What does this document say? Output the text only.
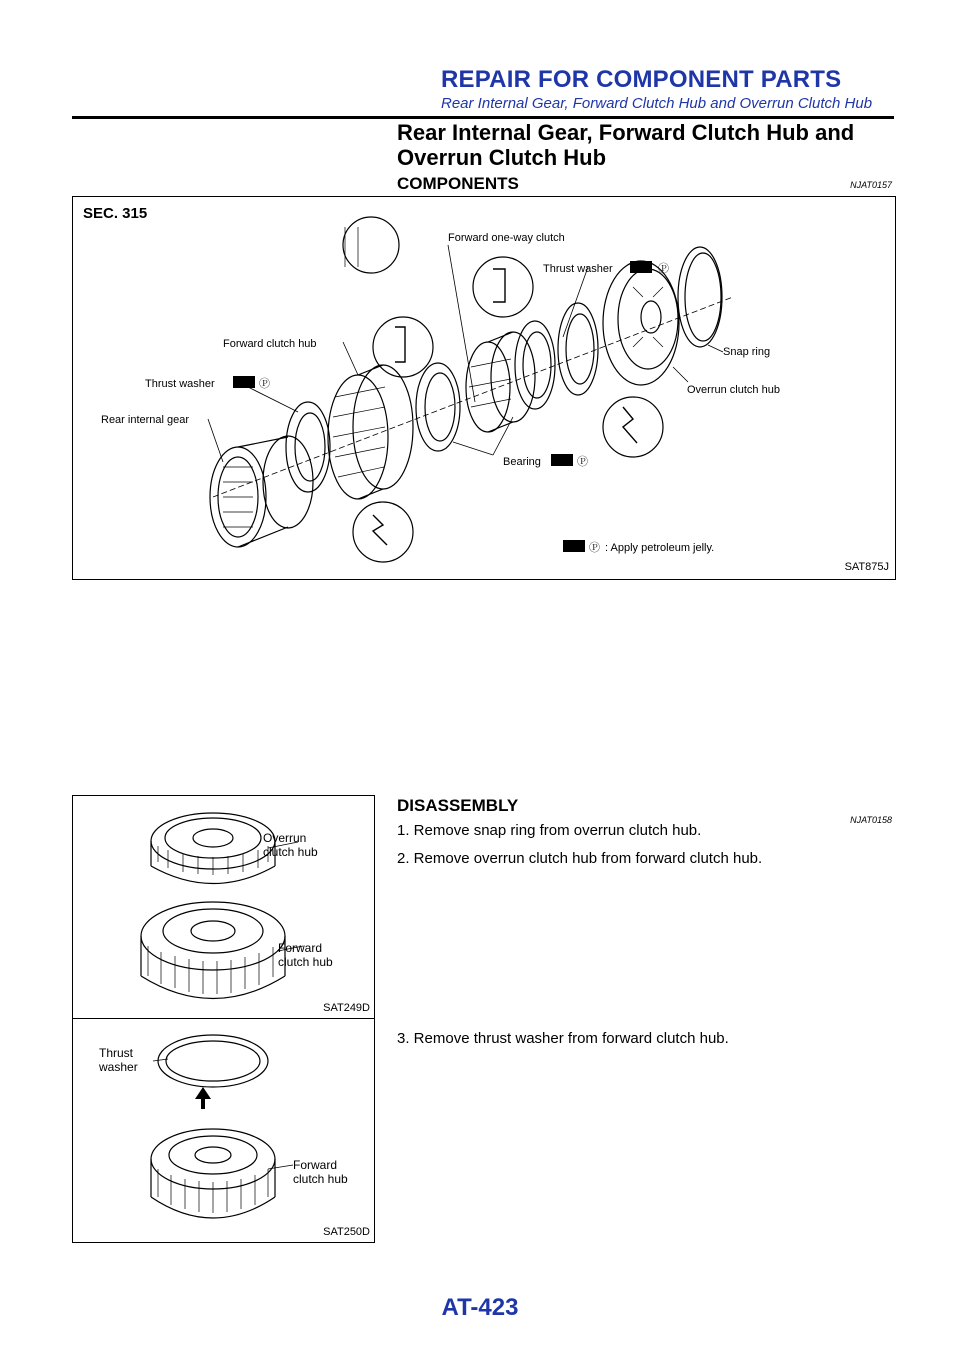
REPAIR FOR COMPONENT PARTS
Rear Internal Gear, Forward Clutch Hub and Overrun Clutch Hub
Rear Internal Gear, Forward Clutch Hub and Overrun Clutch Hub
COMPONENTS	NJAT0157
SEC. 315
Forward one-way clutch
Thrust washer	Ⓟ
Forward clutch hub
Thrust washer	Ⓟ
Rear internal gear
Snap ring
Overrun clutch hub
Bearing	Ⓟ
Ⓟ : Apply petroleum jelly.
SAT875J
DISASSEMBLY
NJAT0158
1. Remove snap ring from overrun clutch hub.
2. Remove overrun clutch hub from forward clutch hub.
3. Remove thrust washer from forward clutch hub.
Overrun
clutch hub
Forward
clutch hub
SAT249D
Thrust
washer
Forward
clutch hub
SAT250D
AT-423
